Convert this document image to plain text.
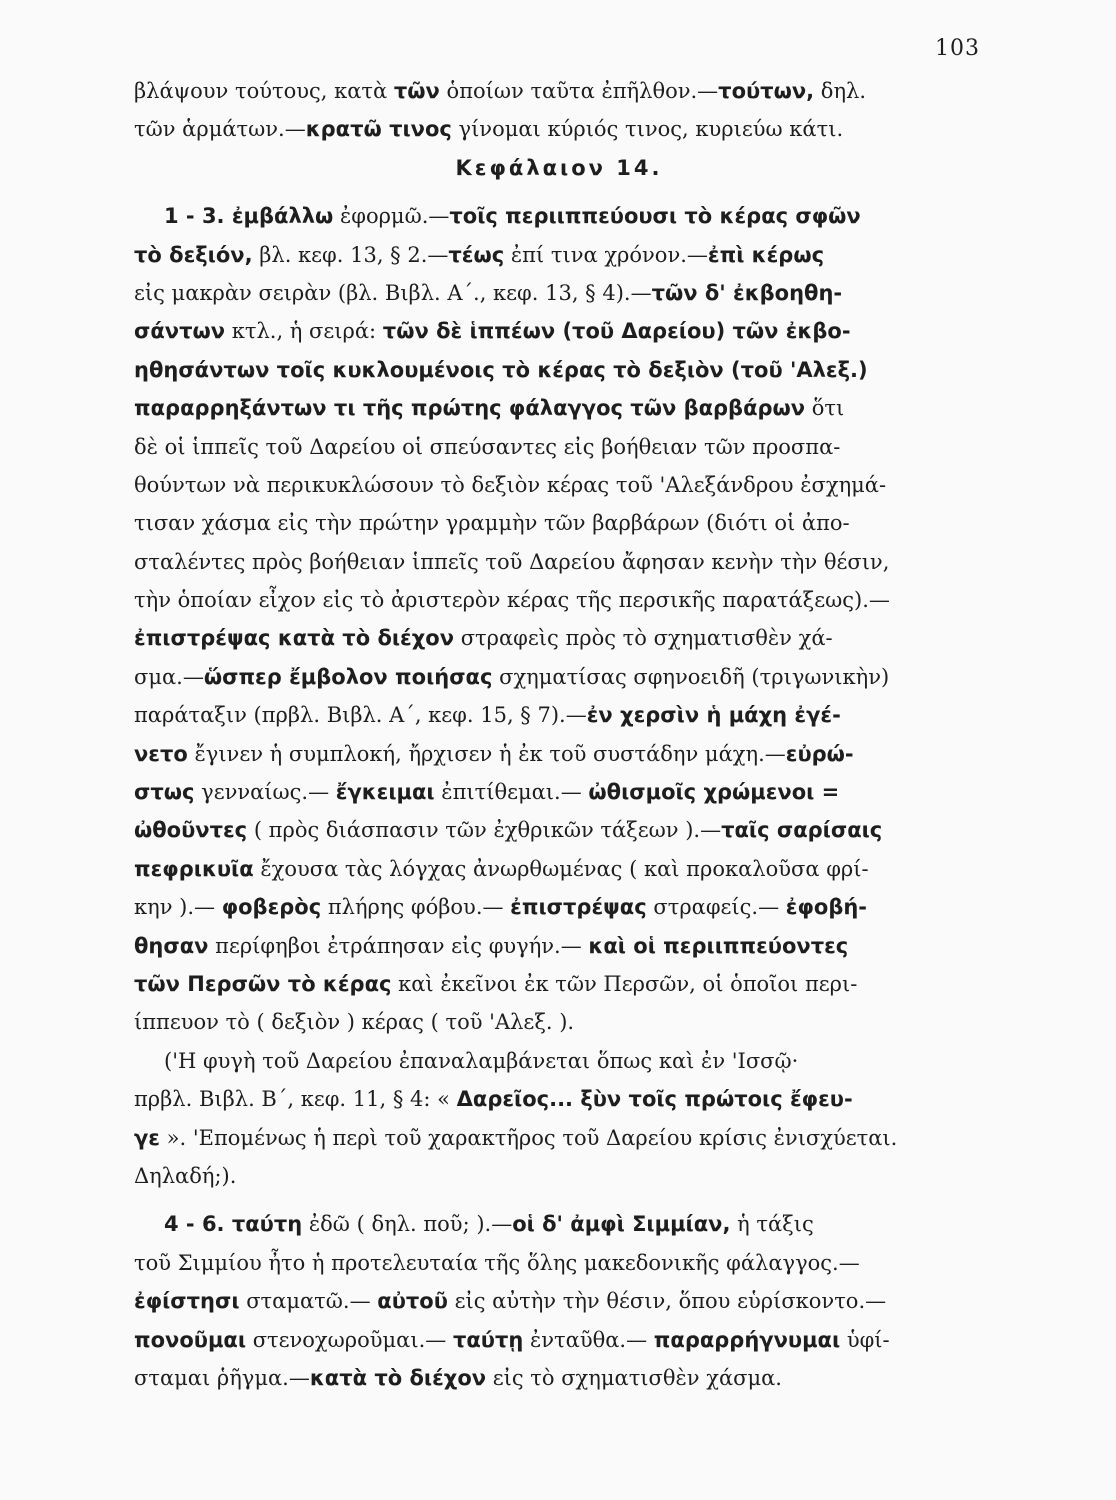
103
βλάψουν τούτους, κατὰ τῶν ὁποίων ταῦτα ἐπῆλθον.—τούτων, δηλ.
τῶν ἁρμάτων.—κρατῶ τινος γίνομαι κύριός τινος, κυριεύω κάτι.
Κεφάλαιον 14.
1 - 3. ἐμβάλλω ἐφορμῶ.—τοῖς περιιππεύουσι τὸ κέρας σφῶν
τὸ δεξιόν, βλ. κεφ. 13, § 2.—τέως ἐπί τινα χρόνον.—ἐπὶ κέρως
εἰς μακρὰν σειρὰν (βλ. Βιβλ. Α΄., κεφ. 13, § 4).—τῶν δ' ἐκβοηθη-
σάντων κτλ., ἡ σειρά: τῶν δὲ ἱππέων (τοῦ Δαρείου) τῶν ἐκβο-
ηθησάντων τοῖς κυκλουμένοις τὸ κέρας τὸ δεξιὸν (τοῦ 'Αλεξ.)
παραρρηξάντων τι τῆς πρώτης φάλαγγος τῶν βαρβάρων ὅτι
δὲ οἱ ἱππεῖς τοῦ Δαρείου οἱ σπεύσαντες εἰς βοήθειαν τῶν προσπα-
θούντων νὰ περικυκλώσουν τὸ δεξιὸν κέρας τοῦ 'Αλεξάνδρου ἐσχημά-
τισαν χάσμα εἰς τὴν πρώτην γραμμὴν τῶν βαρβάρων (διότι οἱ ἀπο-
σταλέντες πρὸς βοήθειαν ἱππεῖς τοῦ Δαρείου ἄφησαν κενὴν τὴν θέσιν,
τὴν ὁποίαν εἶχον εἰς τὸ ἀριστερὸν κέρας τῆς περσικῆς παρατάξεως).—
ἐπιστρέψας κατὰ τὸ διέχον στραφεὶς πρὸς τὸ σχηματισθὲν χά-
σμα.—ὥσπερ ἔμβολον ποιήσας σχηματίσας σφηνοειδῆ (τριγωνικὴν)
παράταξιν (πρβλ. Βιβλ. Α΄, κεφ. 15, § 7).—ἐν χερσὶν ἡ μάχη ἐγέ-
νετο ἔγινεν ἡ συμπλοκή, ἤρχισεν ἡ ἐκ τοῦ συστάδην μάχη.—εὐρώ-
στως γενναίως.— ἔγκειμαι ἐπιτίθεμαι.— ὠθισμοῖς χρώμενοι =
ὠθοῦντες ( πρὸς διάσπασιν τῶν ἐχθρικῶν τάξεων ).—ταῖς σαρίσαις
πεφρικυῖα ἔχουσα τὰς λόγχας ἀνωρθωμένας ( καὶ προκαλοῦσα φρί-
κην ).— φοβερὸς πλήρης φόβου.— ἐπιστρέψας στραφείς.— ἐφοβή-
θησαν περίφηβοι ἐτράπησαν εἰς φυγήν.— καὶ οἱ περιιππεύοντες
τῶν Περσῶν τὸ κέρας καὶ ἐκεῖνοι ἐκ τῶν Περσῶν, οἱ ὁποῖοι περι-
ίππευον τὸ ( δεξιὸν ) κέρας ( τοῦ 'Αλεξ. ).
('Η φυγὴ τοῦ Δαρείου ἐπαναλαμβάνεται ὅπως καὶ ἐν 'Ισσῷ·
πρβλ. Βιβλ. Β΄, κεφ. 11, § 4: « Δαρεῖος... ξὺν τοῖς πρώτοις ἔφευ-
γε ». 'Επομένως ἡ περὶ τοῦ χαρακτῆρος τοῦ Δαρείου κρίσις ἐνισχύεται.
Δηλαδή;).
4 - 6. ταύτη ἐδῶ ( δηλ. ποῦ; ).—οἱ δ' ἀμφὶ Σιμμίαν, ἡ τάξις
τοῦ Σιμμίου ἦτο ἡ προτελευταία τῆς ὅλης μακεδονικῆς φάλαγγος.—
ἐφίστησι σταματῶ.— αὐτοῦ εἰς αὐτὴν τὴν θέσιν, ὅπου εὑρίσκοντο.—
πονοῦμαι στενοχωροῦμαι.— ταύτῃ ἐνταῦθα.— παραρρήγνυμαι ὑφί-
σταμαι ῥῆγμα.—κατὰ τὸ διέχον εἰς τὸ σχηματισθὲν χάσμα.
